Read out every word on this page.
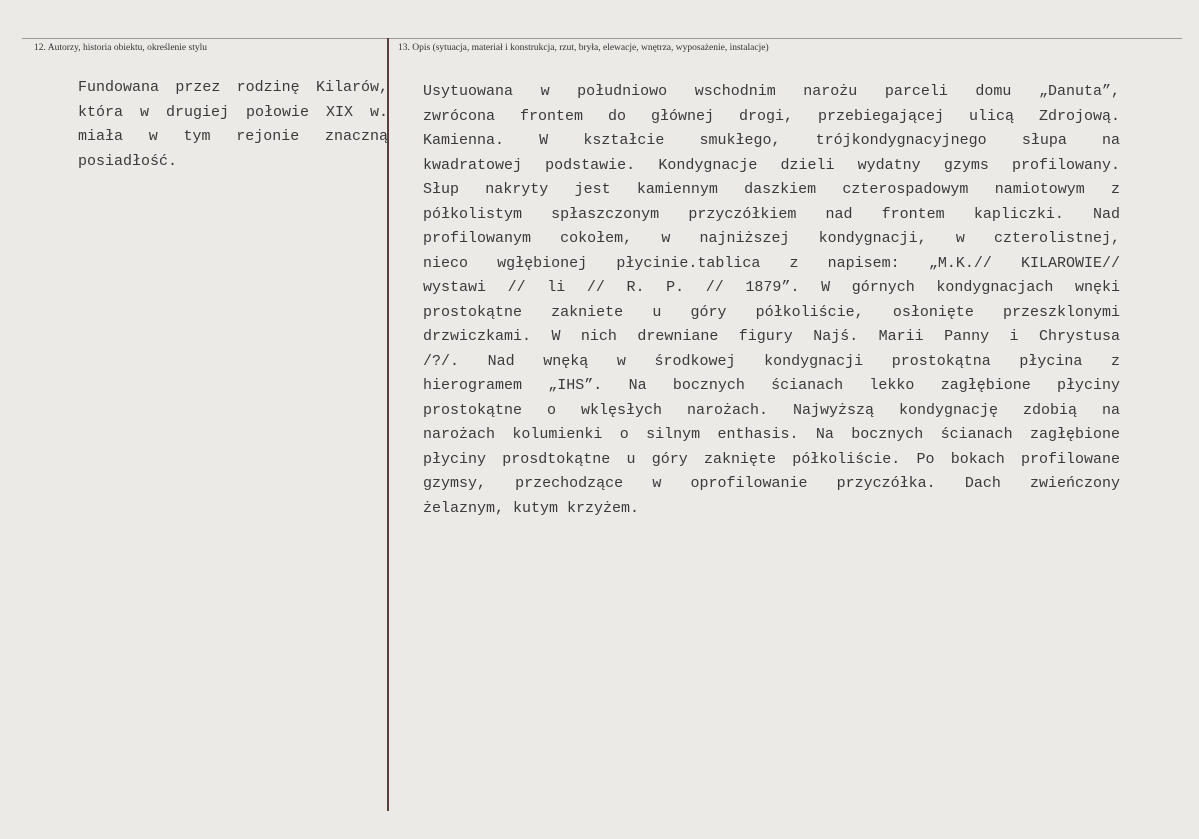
12. Autorzy, historia obiektu, określenie stylu	13. Opis (sytuacja, materiał i konstrukcja, rzut, bryła, elewacje, wnętrza, wyposażenie, instalacje)
Fundowana przez rodzinę Kilarów,
która w drugiej połowie XIX w.
miała w tym rejonie znaczną
posiadłość.
Usytuowana w południowo wschodnim narożu parceli domu „Danuta”,
zwrócona frontem do głównej drogi, przebiegającej ulicą Zdrojową.
Kamienna. W kształcie smukłego, trójkondygnacyjnego słupa na
kwadratowej podstawie. Kondygnacje dzieli wydatny gzyms profilowany.
Słup nakryty jest kamiennym daszkiem czterospadowym namiotowym z
półkolistym spłaszczonym przyczółkiem nad frontem kapliczki. Nad
profilowanym cokołem, w najniższej kondygnacji, w czterolistnej,
nieco wgłębionej płycinie.tablica z napisem: „M.K.// KILAROWIE//
wystawi // li // R. P. // 1879”. W górnych kondygnacjach wnęki
prostokątne zakniete u góry półkoliście, osłonięte przeszklonymi
drzwiczkami. W nich drewniane figury Najś. Marii Panny i Chrystusa
/?/. Nad wnęką w środkowej kondygnacji prostokątna płycina z
hierogramem „IHS”. Na bocznych ścianach lekko zagłębione płyciny
prostokątne o wklęsłych narożach. Najwyższą kondygnację zdobią na
narożach kolumienki o silnym enthasis. Na bocznych ścianach zagłębione
płyciny prosdtokątne u góry zaknięte półkoliście. Po bokach profilowane
gzymsy, przechodzące w oprofilowanie przyczółka. Dach zwieńczony
żelaznym, kutym krzyżem.
